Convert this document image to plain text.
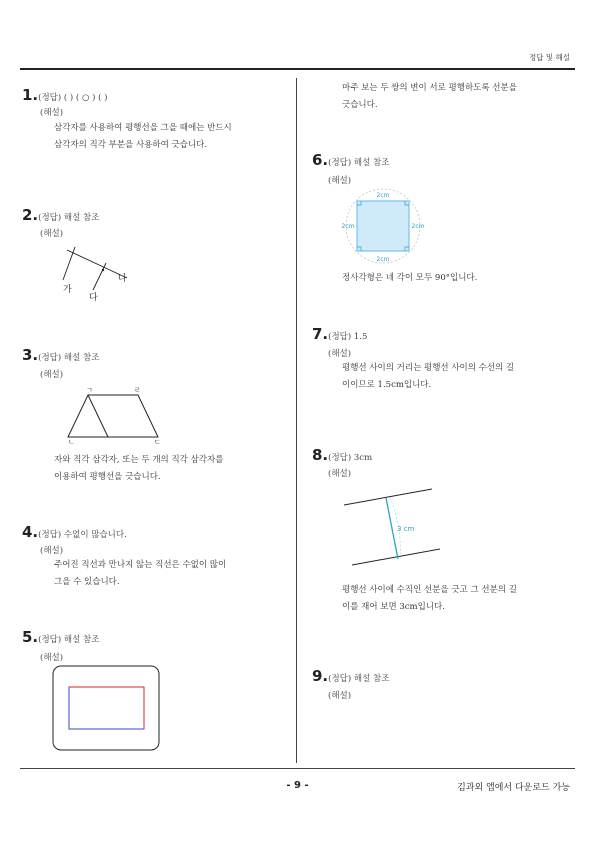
정답 및 해설
1.(정답) ( ) ( ○ ) ( )
(해설)
삼각자를 사용하여 평행선을 그을 때에는 반드시
삼각자의 직각 부분을 사용하여 긋습니다.
2.(정답) 해설 참조
(해설)
가
나
다
3.(정답) 해설 참조
(해설)
ㄱ
ㄴ	ㄷ
ㄹ
자와 직각 삼각자, 또는 두 개의 직각 삼각자를
이용하여 평행선을 긋습니다.
4.(정답) 수없이 많습니다.
(해설)
주어진 직선과 만나지 않는 직선은 수없이 많이
그을 수 있습니다.
5.(정답) 해설 참조
(해설)
마주 보는 두 쌍의 변이 서로 평행하도록 선분을
긋습니다.
6.(정답) 해설 참조
(해설)
2cm
2cm	2cm
2cm
정사각형은 네 각이 모두 90°입니다.
7.(정답) 1.5
(해설)
평행선 사이의 거리는 평행선 사이의 수선의 길
이이므로 1.5cm입니다.
8.(정답) 3cm
(해설)
3 cm
평행선 사이에 수직인 선분을 긋고 그 선분의 길
이를 재어 보면 3cm입니다.
9.(정답) 해설 참조
(해설)
- 9 -	김과외 앱에서 다운로드 가능
